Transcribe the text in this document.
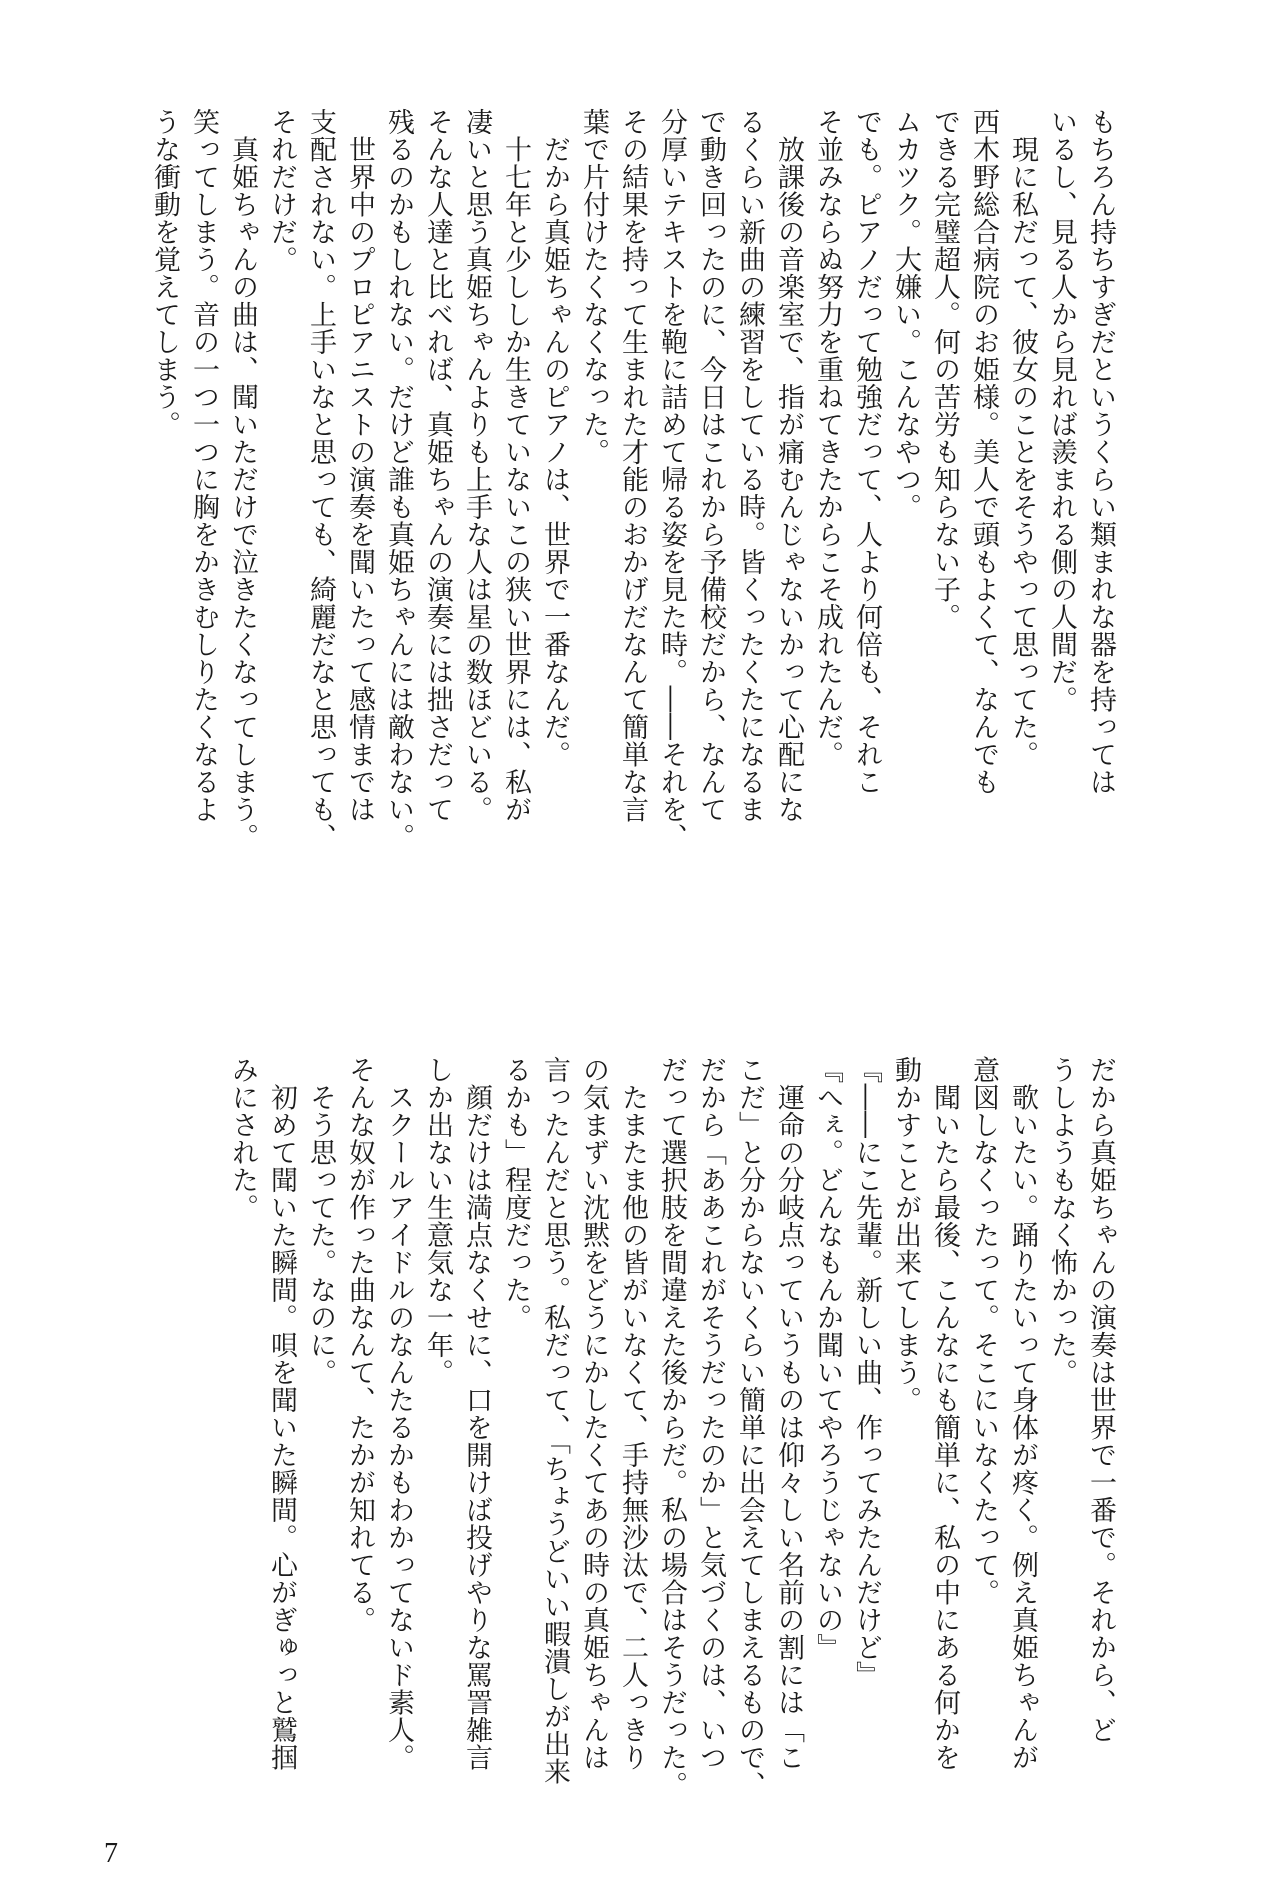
もちろん持ちすぎだというくらい類まれな器を持っては
いるし、見る人から見れば羨まれる側の人間だ。
　現に私だって、彼女のことをそうやって思ってた。
西木野総合病院のお姫様。美人で頭もよくて、なんでも
できる完璧超人。何の苦労も知らない子。
ムカツク。大嫌い。こんなやつ。
でも。ピアノだって勉強だって、人より何倍も、それこ
そ並みならぬ努力を重ねてきたからこそ成れたんだ。
　放課後の音楽室で、指が痛むんじゃないかって心配にな
るくらい新曲の練習をしている時。皆くったくたになるま
で動き回ったのに、今日はこれから予備校だから、なんて
分厚いテキストを鞄に詰めて帰る姿を見た時。――それを、
その結果を持って生まれた才能のおかげだなんて簡単な言
葉で片付けたくなくなった。
　だから真姫ちゃんのピアノは、世界で一番なんだ。
　十七年と少ししか生きていないこの狭い世界には、私が
凄いと思う真姫ちゃんよりも上手な人は星の数ほどいる。
そんな人達と比べれば、真姫ちゃんの演奏には拙さだって
残るのかもしれない。だけど誰も真姫ちゃんには敵わない。
　世界中のプロピアニストの演奏を聞いたって感情までは
支配されない。上手いなと思っても、綺麗だなと思っても、
それだけだ。
　真姫ちゃんの曲は、聞いただけで泣きたくなってしまう。
笑ってしまう。音の一つ一つに胸をかきむしりたくなるよ
うな衝動を覚えてしまう。
だから真姫ちゃんの演奏は世界で一番で。それから、ど
うしようもなく怖かった。
　歌いたい。踊りたいって身体が疼く。例え真姫ちゃんが
意図しなくったって。そこにいなくたって。
　聞いたら最後、こんなにも簡単に、私の中にある何かを
動かすことが出来てしまう。
『――にこ先輩。新しい曲、作ってみたんだけど』
『へぇ。どんなもんか聞いてやろうじゃないの』
　運命の分岐点っていうものは仰々しい名前の割には「こ
こだ」と分からないくらい簡単に出会えてしまえるもので、
だから「ああこれがそうだったのか」と気づくのは、いつ
だって選択肢を間違えた後からだ。私の場合はそうだった。
　たまたま他の皆がいなくて、手持無沙汰で、二人っきり
の気まずい沈黙をどうにかしたくてあの時の真姫ちゃんは
言ったんだと思う。私だって、「ちょうどいい暇潰しが出来
るかも」程度だった。
　顔だけは満点なくせに、口を開けば投げやりな罵詈雑言
しか出ない生意気な一年。
　スクールアイドルのなんたるかもわかってないド素人。
そんな奴が作った曲なんて、たかが知れてる。
　そう思ってた。なのに。
　初めて聞いた瞬間。唄を聞いた瞬間。心がぎゅっと鷲掴
みにされた。
7
